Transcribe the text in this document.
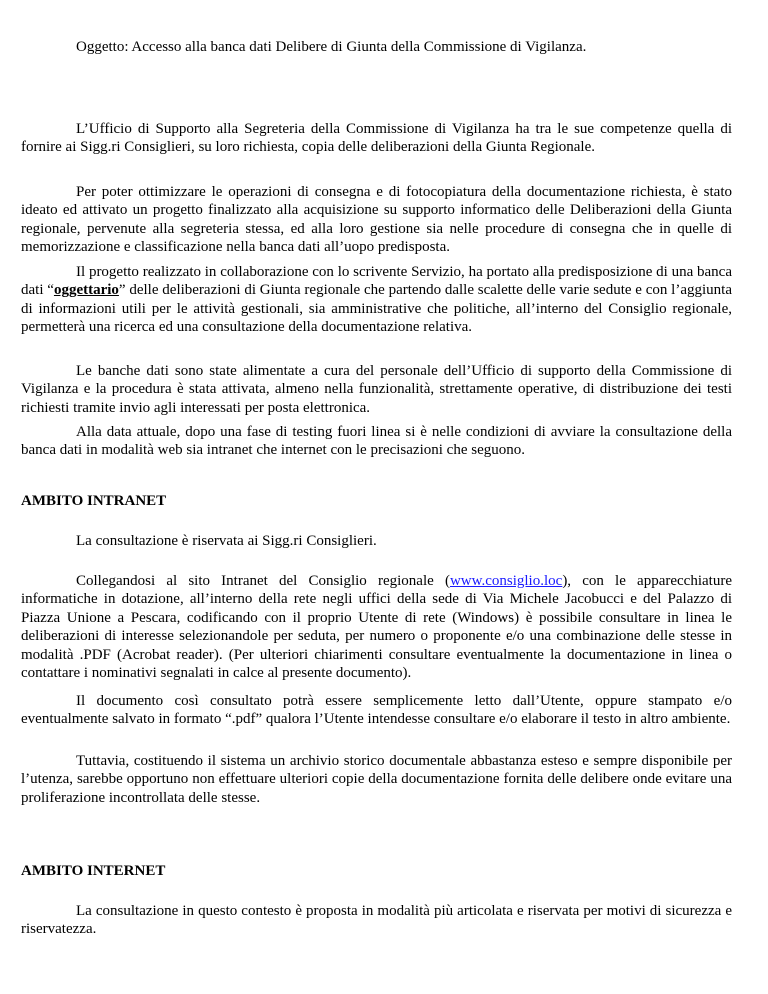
Oggetto: Accesso alla banca dati Delibere di Giunta della Commissione di Vigilanza.

L’Ufficio di Supporto alla Segreteria della Commissione di Vigilanza ha tra le sue competenze quella di fornire ai Sigg.ri Consiglieri, su loro richiesta, copia delle deliberazioni della Giunta Regionale.

Per poter ottimizzare le operazioni di consegna e di fotocopiatura della documentazione richiesta, è stato ideato ed attivato un progetto finalizzato alla acquisizione su supporto informatico delle Deliberazioni della Giunta regionale, pervenute alla segreteria stessa, ed alla loro gestione sia nelle procedure di consegna che in quelle di memorizzazione e classificazione nella banca dati all’uopo predisposta.

Il progetto realizzato in collaborazione con lo scrivente Servizio, ha portato alla predisposizione di una banca dati “oggettario” delle deliberazioni di Giunta regionale che partendo dalle scalette delle varie sedute e con l’aggiunta di informazioni utili per le attività gestionali, sia amministrative che politiche, all’interno del Consiglio regionale, permetterà una ricerca ed una consultazione della documentazione relativa.

Le banche dati sono state alimentate a cura del personale dell’Ufficio di supporto della Commissione di Vigilanza e la procedura è stata attivata, almeno nella funzionalità, strettamente operative, di distribuzione dei testi richiesti tramite invio agli interessati per posta elettronica.

Alla data attuale, dopo una fase di testing fuori linea si è nelle condizioni di avviare la consultazione della banca dati in modalità web sia intranet che internet con le precisazioni che seguono.

AMBITO INTRANET

La consultazione è riservata ai Sigg.ri Consiglieri.

Collegandosi al sito Intranet del Consiglio regionale (www.consiglio.loc), con le apparecchiature informatiche in dotazione, all’interno della rete negli uffici della sede di Via Michele Jacobucci e del Palazzo di Piazza Unione a Pescara, codificando con il proprio Utente di rete (Windows) è possibile consultare in linea le deliberazioni di interesse selezionandole per seduta, per numero o proponente e/o una combinazione delle stesse in modalità .PDF (Acrobat reader). (Per ulteriori chiarimenti consultare eventualmente la documentazione in linea o contattare i nominativi segnalati in calce al presente documento).

Il documento così consultato potrà essere semplicemente letto dall’Utente, oppure stampato e/o eventualmente salvato in formato “.pdf” qualora l’Utente intendesse consultare e/o elaborare il testo in altro ambiente.

Tuttavia, costituendo il sistema un archivio storico documentale abbastanza esteso e sempre disponibile per l’utenza, sarebbe opportuno non effettuare ulteriori copie della documentazione fornita delle delibere onde evitare una proliferazione incontrollata delle stesse.

AMBITO INTERNET

La consultazione in questo contesto è proposta in modalità più articolata e riservata per motivi di sicurezza e riservatezza.
